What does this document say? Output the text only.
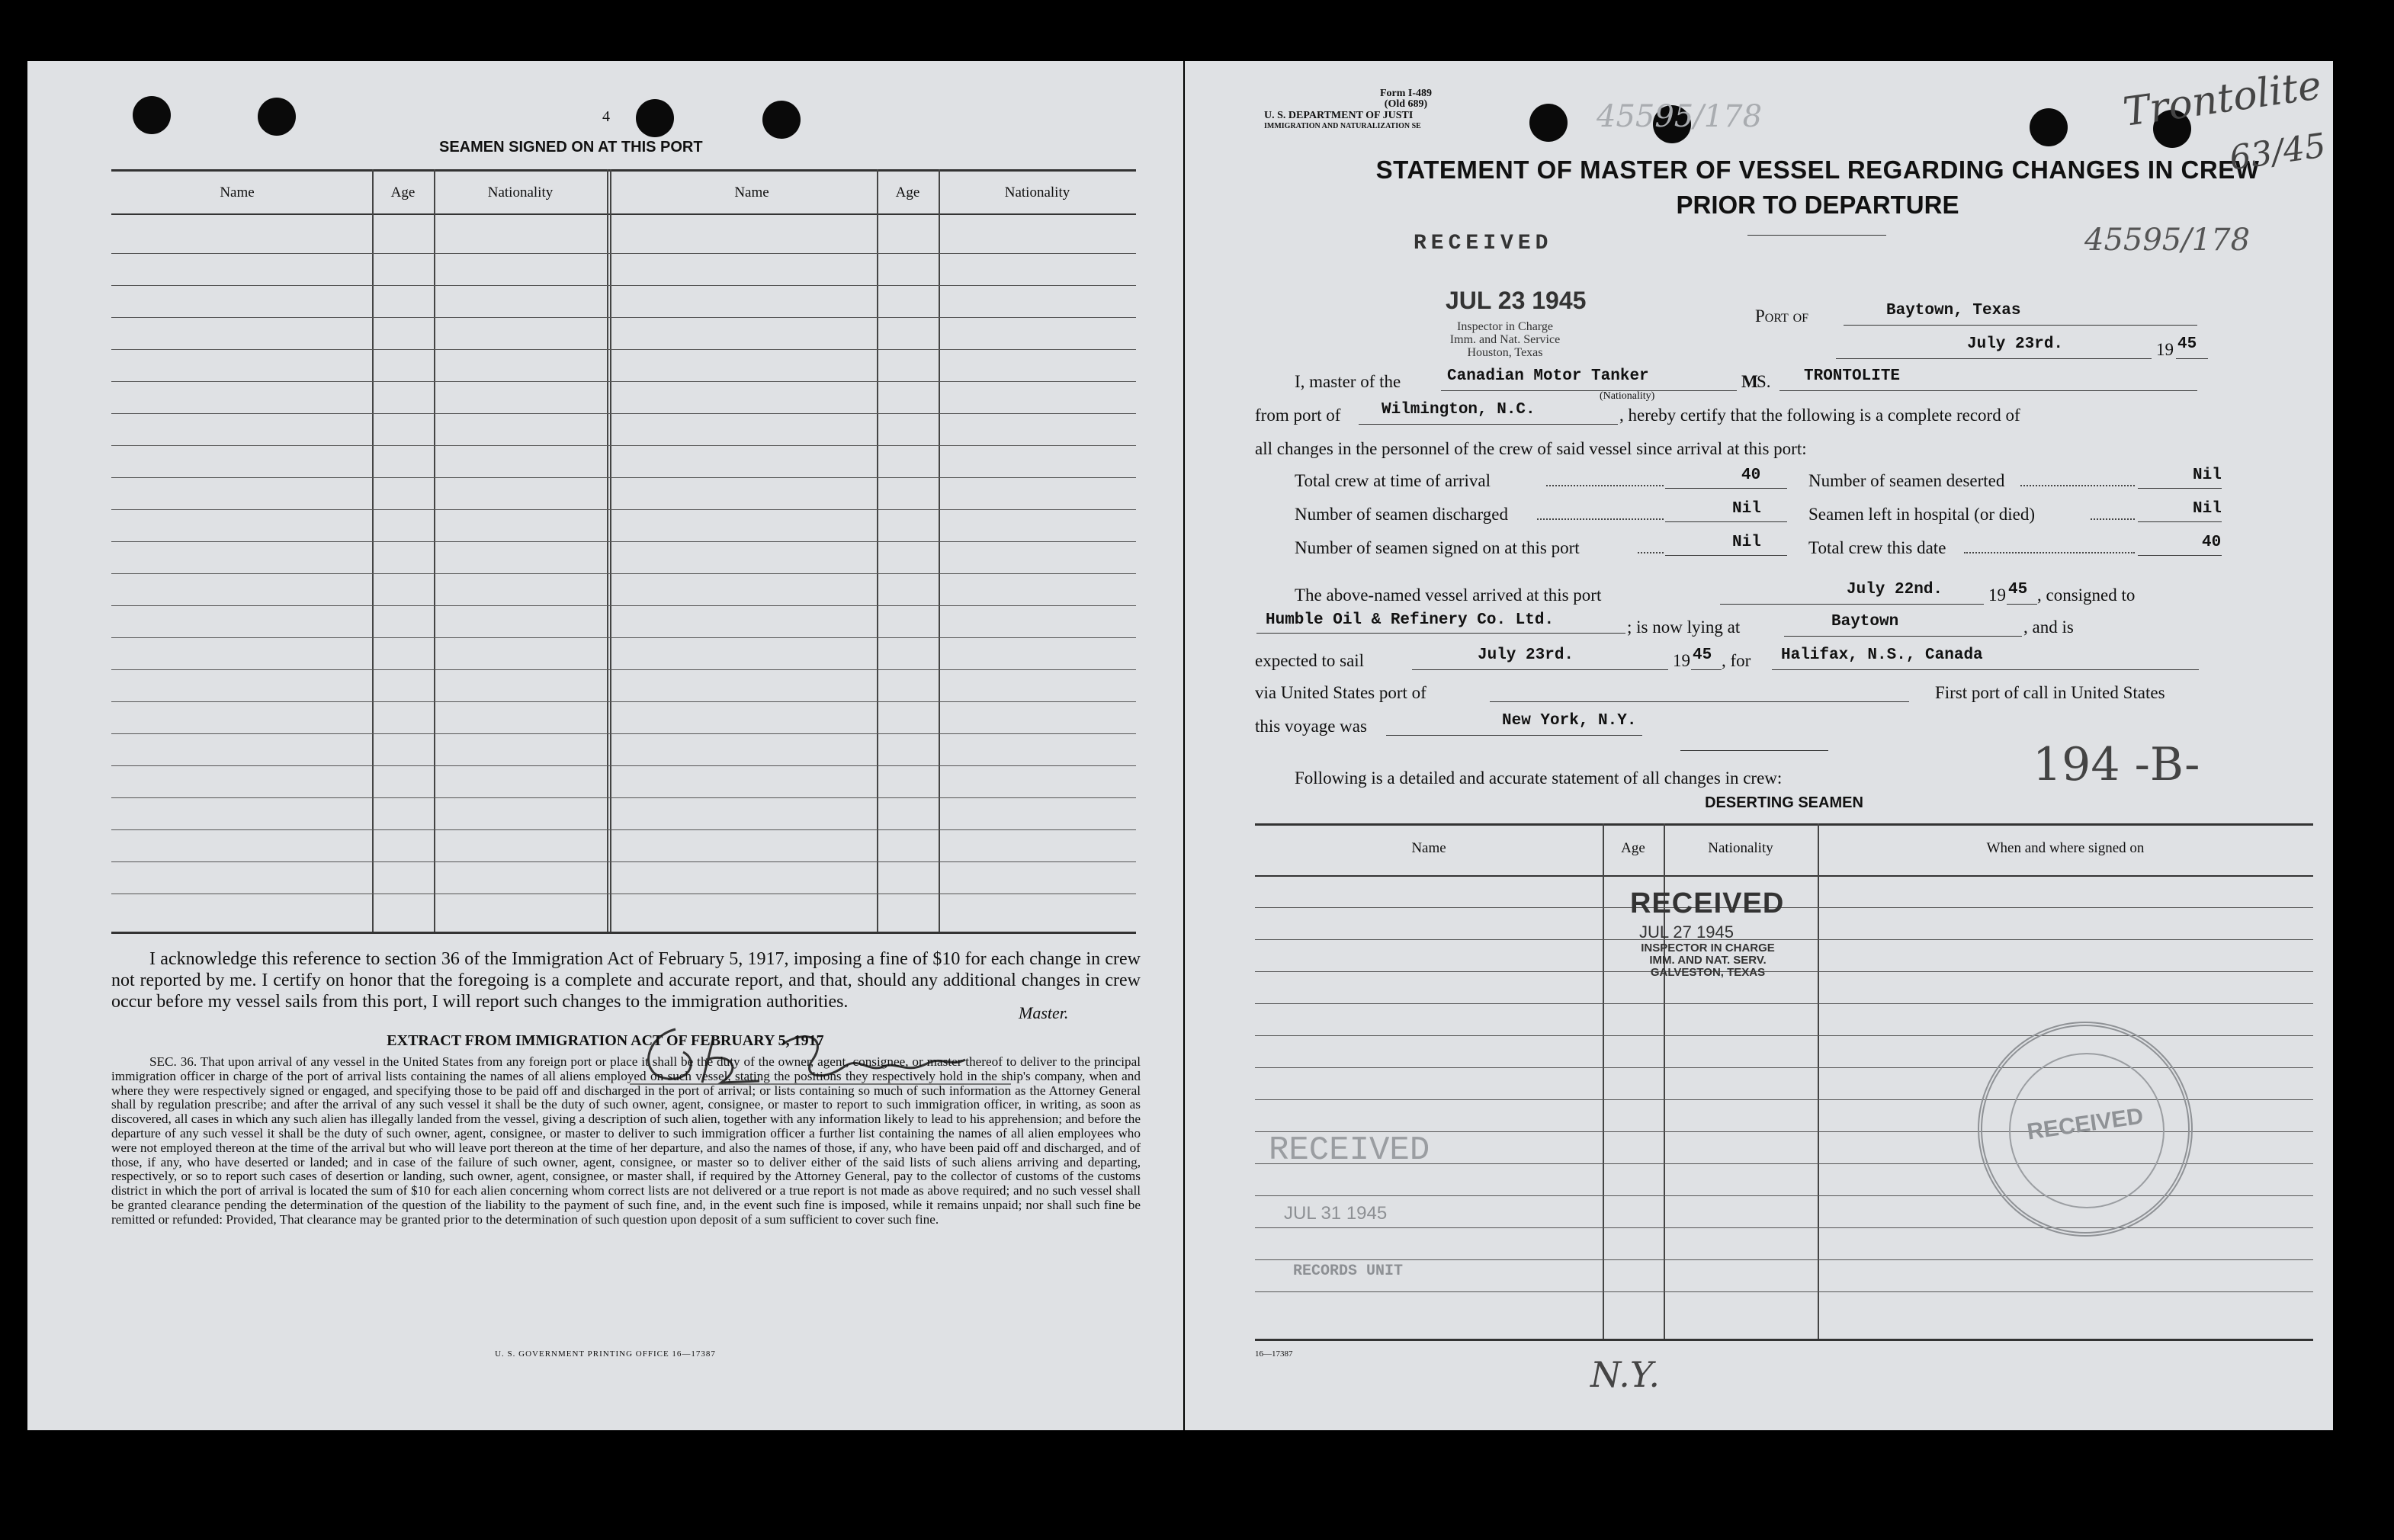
4
SEAMEN SIGNED ON AT THIS PORT
Name	Age	Nationality	Name	Age	Nationality
I acknowledge this reference to section 36 of the Immigration Act of February 5, 1917, imposing a fine of $10 for each change in crew not reported by me. I certify on honor that the foregoing is a complete and accurate report, and that, should any additional changes in crew occur before my vessel sails from this port, I will report such changes to the immigration authorities.
Master.
EXTRACT FROM IMMIGRATION ACT OF FEBRUARY 5, 1917
SEC. 36. That upon arrival of any vessel in the United States from any foreign port or place it shall be the duty of the owner, agent, consignee, or master thereof to deliver to the principal immigration officer in charge of the port of arrival lists containing the names of all aliens employed on such vessel, stating the positions they respectively hold in the ship's company, when and where they were respectively signed or engaged, and specifying those to be paid off and discharged in the port of arrival; or lists containing so much of such information as the Attorney General shall by regulation prescribe; and after the arrival of any such vessel it shall be the duty of such owner, agent, consignee, or master to report to such immigration officer, in writing, as soon as discovered, all cases in which any such alien has illegally landed from the vessel, giving a description of such alien, together with any information likely to lead to his apprehension; and before the departure of any such vessel it shall be the duty of such owner, agent, consignee, or master to deliver to such immigration officer a further list containing the names of all alien employees who were not employed thereon at the time of the arrival but who will leave port thereon at the time of her departure, and also the names of those, if any, who have been paid off and discharged, and of those, if any, who have deserted or landed; and in case of the failure of such owner, agent, consignee, or master so to deliver either of the said lists of such aliens arriving and departing, respectively, or so to report such cases of desertion or landing, such owner, agent, consignee, or master shall, if required by the Attorney General, pay to the collector of customs of the customs district in which the port of arrival is located the sum of $10 for each alien concerning whom correct lists are not delivered or a true report is not made as above required; and no such vessel shall be granted clearance pending the determination of the question of the liability to the payment of such fine, and, in the event such fine is imposed, while it remains unpaid; nor shall such fine be remitted or refunded: Provided, That clearance may be granted prior to the determination of such question upon deposit of a sum sufficient to cover such fine.
U. S. GOVERNMENT PRINTING OFFICE 16—17387
Form I-489
(Old 689)
U. S. DEPARTMENT OF JUSTI
IMMIGRATION AND NATURALIZATION SE	45595/178
STATEMENT OF MASTER OF VESSEL REGARDING CHANGES IN CREW
PRIOR TO DEPARTURE
Trontolite
63/45
45595/178
RECEIVED
JUL 23 1945
Inspector in Charge
Imm. and Nat. Service
Houston, Texas
Port of	Baytown, Texas
July 23rd.	19 45
I, master of the	Canadian Motor Tanker
(Nationality)
M
S. TRONTOLITE
from port of	Wilmington, N.C.	, hereby certify that the following is a complete record of
all changes in the personnel of the crew of said vessel since arrival at this port:
Total crew at time of arrival	40
Number of seamen discharged	Nil
Number of seamen signed on at this port	Nil
Number of seamen deserted	Nil
Seamen left in hospital (or died)	Nil
Total crew this date	40
The above-named vessel arrived at this port	July 22nd.	19 45 , consigned to
Humble Oil & Refinery Co. Ltd.	; is now lying at	Baytown	, and is
expected to sail	July 23rd.	19 45 , for Halifax, N.S., Canada
via United States port of	First port of call in United States
this voyage was	New York, N.Y.
Following is a detailed and accurate statement of all changes in crew:	194 -B-
DESERTING SEAMEN
Name	Age	Nationality	When and where signed on
RECEIVED
JUL 27 1945
INSPECTOR IN CHARGE
IMM. AND NAT. SERV.
GALVESTON, TEXAS
RECEIVED
JUL 31 1945
RECORDS UNIT
RECEIVED
16—17387	N.Y.
